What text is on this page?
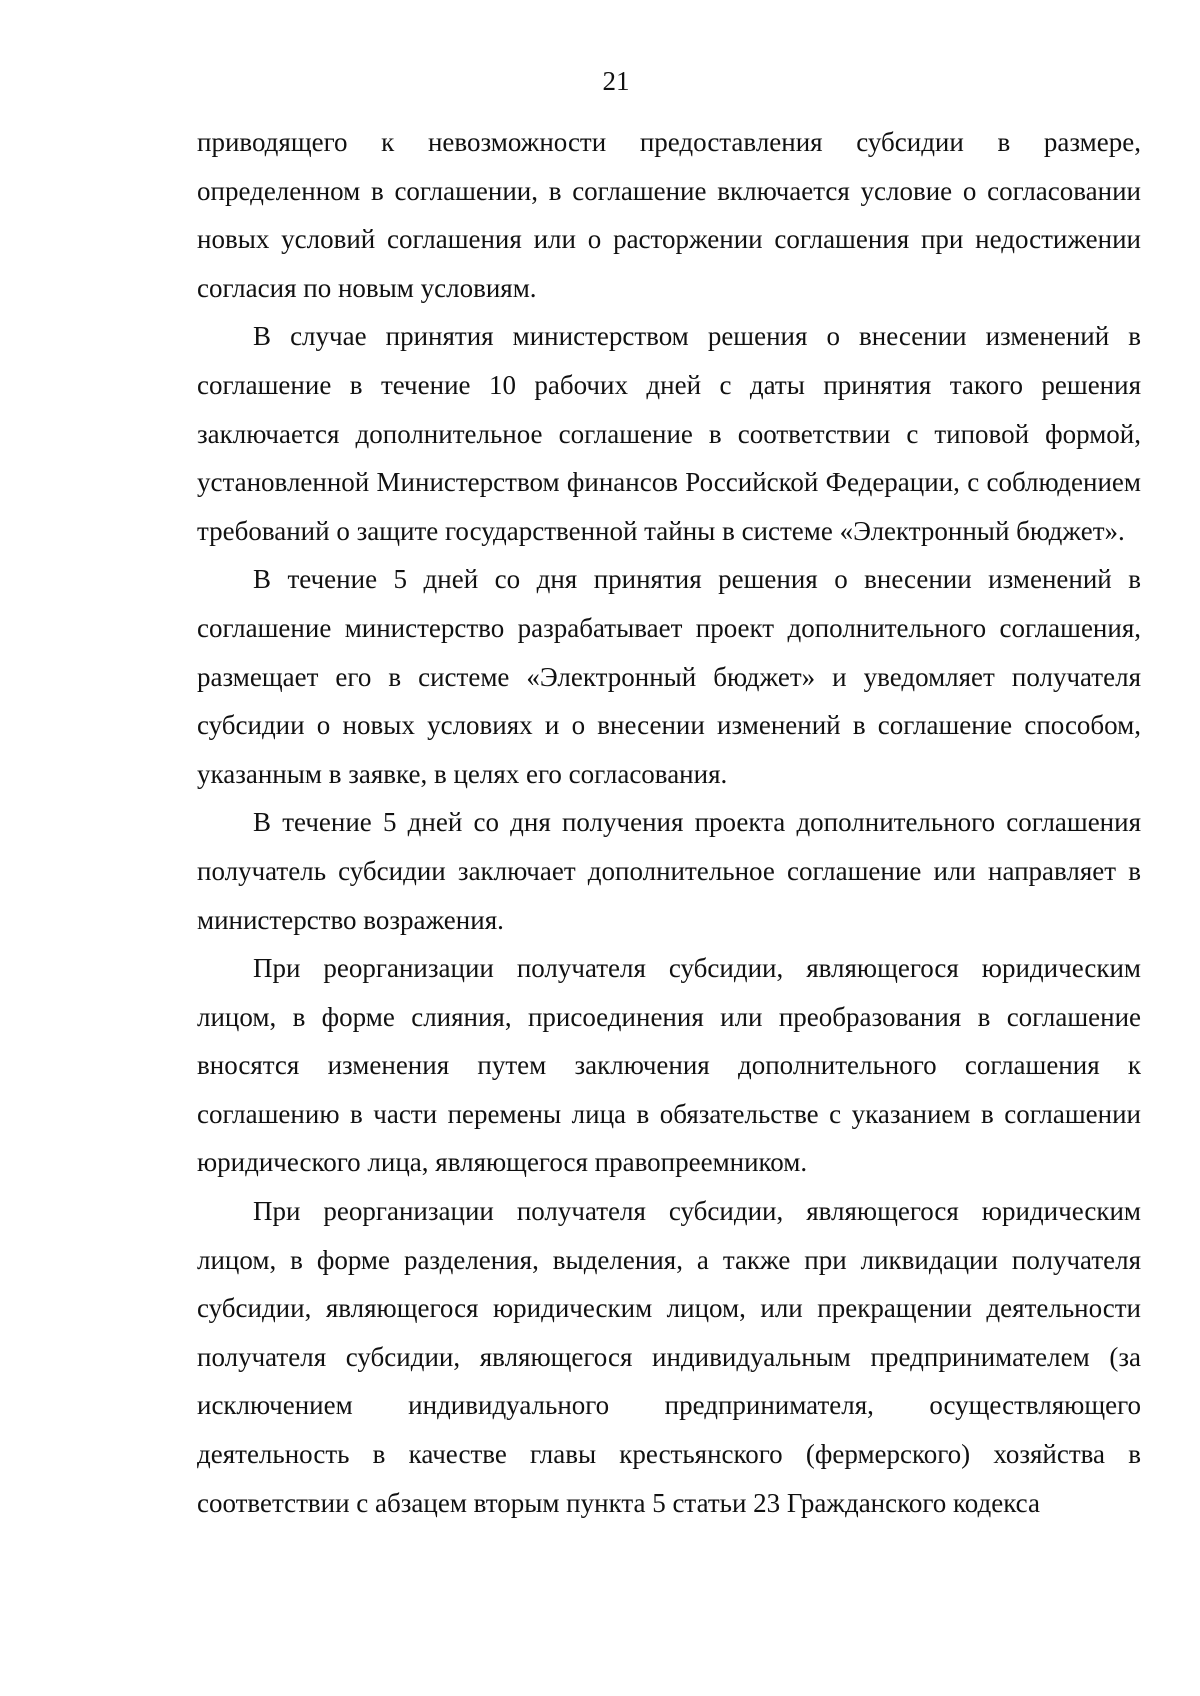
21

приводящего к невозможности предоставления субсидии в размере, определенном в соглашении, в соглашение включается условие о согласовании новых условий соглашения или о расторжении соглашения при недостижении согласия по новым условиям.

В случае принятия министерством решения о внесении изменений в соглашение в течение 10 рабочих дней с даты принятия такого решения заключается дополнительное соглашение в соответствии с типовой формой, установленной Министерством финансов Российской Федерации, с соблюдением требований о защите государственной тайны в системе «Электронный бюджет».

В течение 5 дней со дня принятия решения о внесении изменений в соглашение министерство разрабатывает проект дополнительного соглашения, размещает его в системе «Электронный бюджет» и уведомляет получателя субсидии о новых условиях и о внесении изменений в соглашение способом, указанным в заявке, в целях его согласования.

В течение 5 дней со дня получения проекта дополнительного соглашения получатель субсидии заключает дополнительное соглашение или направляет в министерство возражения.

При реорганизации получателя субсидии, являющегося юридическим лицом, в форме слияния, присоединения или преобразования в соглашение вносятся изменения путем заключения дополнительного соглашения к соглашению в части перемены лица в обязательстве с указанием в соглашении юридического лица, являющегося правопреемником.

При реорганизации получателя субсидии, являющегося юридическим лицом, в форме разделения, выделения, а также при ликвидации получателя субсидии, являющегося юридическим лицом, или прекращении деятельности получателя субсидии, являющегося индивидуальным предпринимателем (за исключением индивидуального предпринимателя, осуществляющего деятельность в качестве главы крестьянского (фермерского) хозяйства в соответствии с абзацем вторым пункта 5 статьи 23 Гражданского кодекса
